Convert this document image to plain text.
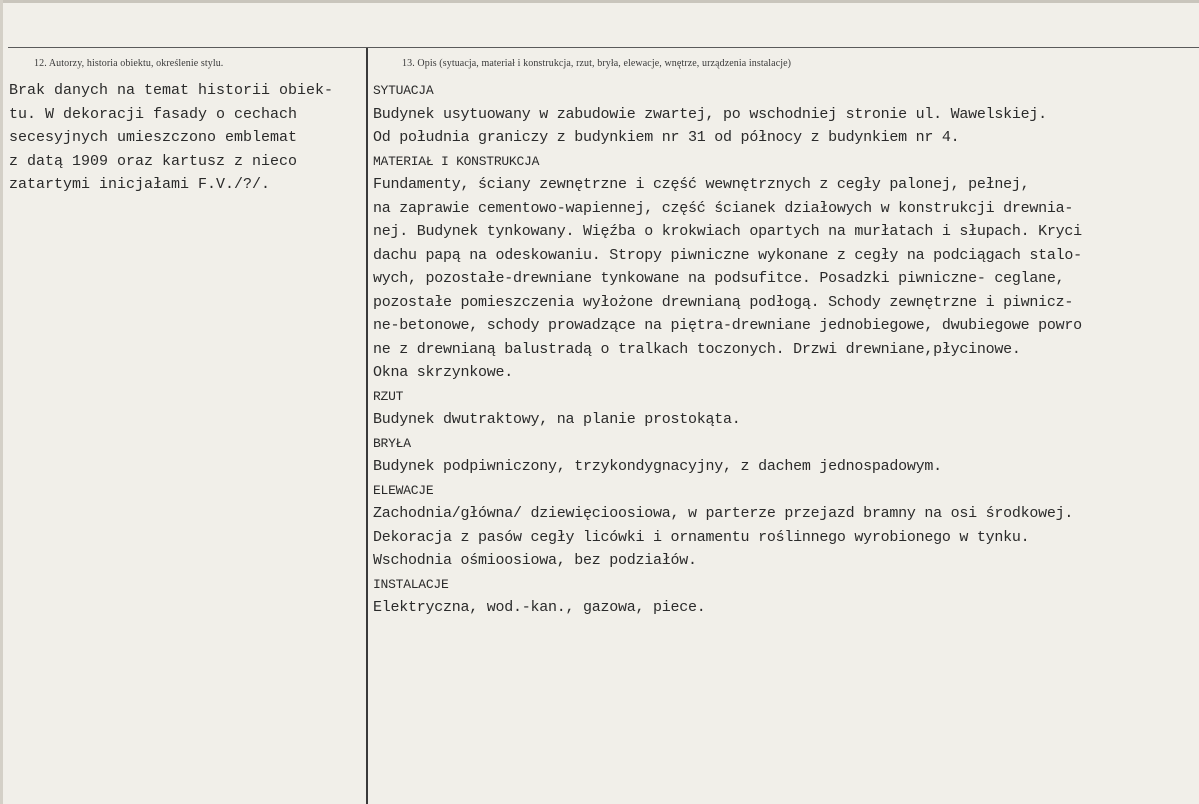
12. Autorzy, historia obiektu, określenie stylu.	13. Opis (sytuacja, materiał i konstrukcja, rzut, bryła, elewacje, wnętrze, urządzenia instalacje)
Brak danych na temat historii obiek-
tu. W dekoracji fasady o cechach
secesyjnych umieszczono emblemat
z datą 1909 oraz kartusz z nieco
zatartymi inicjałami F.V./?/.
SYTUACJA
Budynek usytuowany w zabudowie zwartej, po wschodniej stronie ul. Wawelskiej.
Od południa graniczy z budynkiem nr 31 od północy z budynkiem nr 4.
MATERIAŁ I KONSTRUKCJA
Fundamenty, ściany zewnętrzne i część wewnętrznych z cegły palonej, pełnej,
na zaprawie cementowo-wapiennej, część ścianek działowych w konstrukcji drewnia-
nej. Budynek tynkowany. Więźba o krokwiach opartych na murłatach i słupach. Kryci
dachu papą na odeskowaniu. Stropy piwniczne wykonane z cegły na podciągach stalo-
wych, pozostałe-drewniane tynkowane na podsufitce. Posadzki piwniczne- ceglane,
pozostałe pomieszczenia wyłożone drewnianą podłogą. Schody zewnętrzne i piwnicz-
ne-betonowe, schody prowadzące na piętra-drewniane jednobiegowe, dwubiegowe powro
ne z drewnianą balustradą o tralkach toczonych. Drzwi drewniane,płycinowe.
Okna skrzynkowe.
RZUT
Budynek dwutraktowy, na planie prostokąta.
BRYŁA
Budynek podpiwniczony, trzykondygnacyjny, z dachem jednospadowym.
ELEWACJE
Zachodnia/główna/ dziewięcioosiowa, w parterze przejazd bramny na osi środkowej.
Dekoracja z pasów cegły licówki i ornamentu roślinnego wyrobionego w tynku.
Wschodnia ośmioosiowa, bez podziałów.
INSTALACJE
Elektryczna, wod.-kan., gazowa, piece.
